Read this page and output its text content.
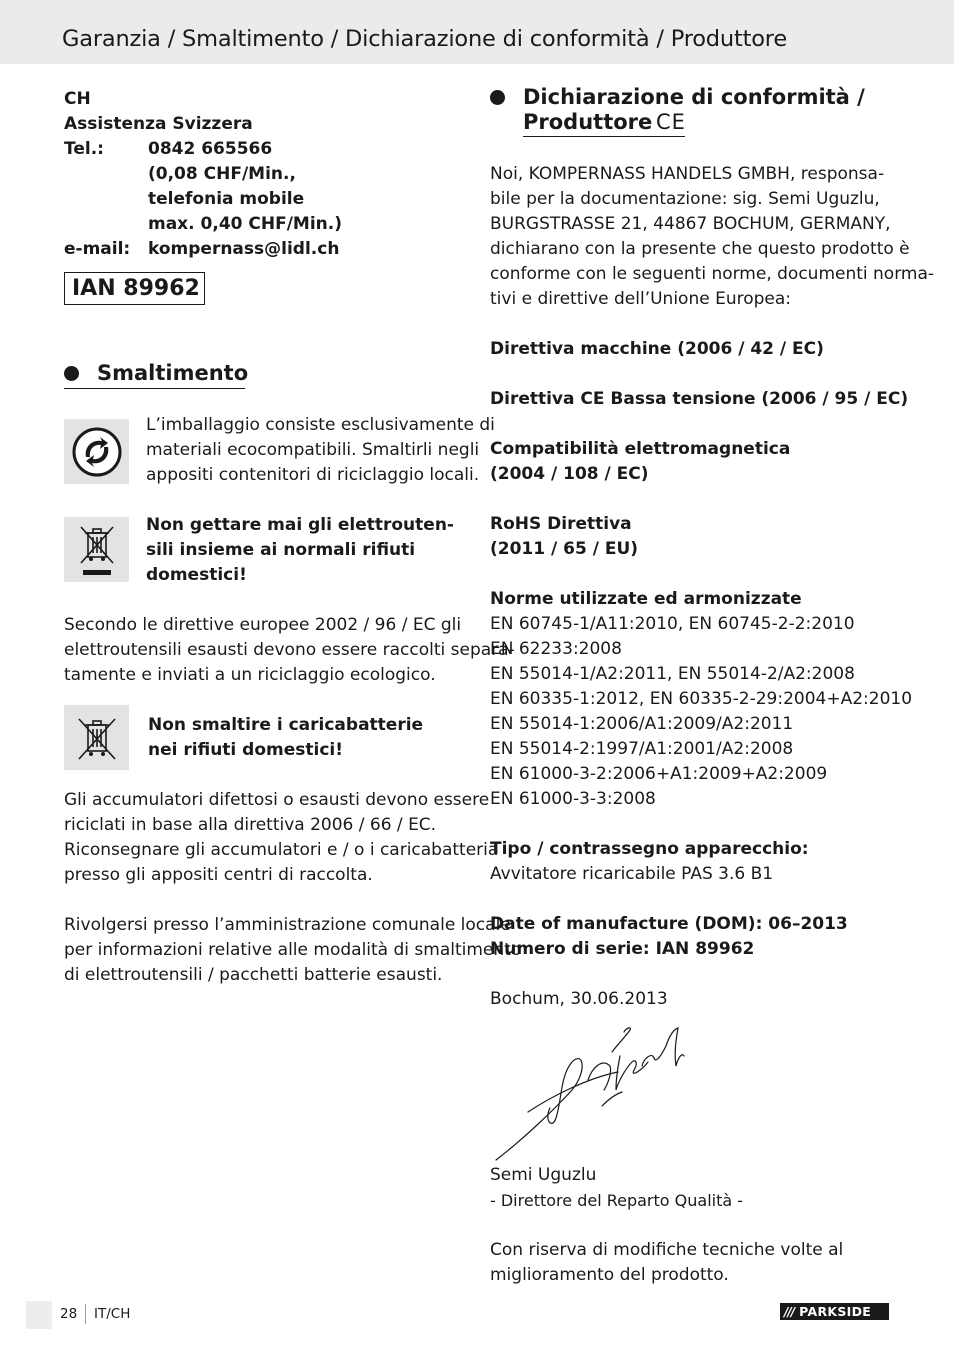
Garanzia / Smaltimento / Dichiarazione di conformità / Produttore
CH
Assistenza Svizzera
Tel.:	0842 665566
(0,08 CHF/Min.,
telefonia mobile
max. 0,40 CHF/Min.)
e-mail: kompernass@lidl.ch
IAN 89962
Smaltimento
L’imballaggio consiste esclusivamente di
materiali ecocompatibili. Smaltirli negli
appositi contenitori di riciclaggio locali.
Non gettare mai gli elettrouten-
sili insieme ai normali rifiuti
domestici!
Secondo le direttive europee 2002 / 96 / EC gli
elettroutensili esausti devono essere raccolti separa-
tamente e inviati a un riciclaggio ecologico.
Non smaltire i caricabatterie
nei rifiuti domestici!
Gli accumulatori difettosi o esausti devono essere
riciclati in base alla direttiva 2006 / 66 / EC.
Riconsegnare gli accumulatori e / o i caricabatteria
presso gli appositi centri di raccolta.
Rivolgersi presso l’amministrazione comunale locale
per informazioni relative alle modalità di smaltimento
di elettroutensili / pacchetti batterie esausti.
Dichiarazione di conformità /
Produttore CE
Noi, KOMPERNASS HANDELS GMBH, responsa-
bile per la documentazione: sig. Semi Uguzlu,
BURGSTRASSE 21, 44867 BOCHUM, GERMANY,
dichiarano con la presente che questo prodotto è
conforme con le seguenti norme, documenti norma-
tivi e direttive dell’Unione Europea:
Direttiva macchine (2006 / 42 / EC)
Direttiva CE Bassa tensione (2006 / 95 / EC)
Compatibilità elettromagnetica
(2004 / 108 / EC)
RoHS Direttiva
(2011 / 65 / EU)
Norme utilizzate ed armonizzate
EN 60745-1/A11:2010, EN 60745-2-2:2010
EN 62233:2008
EN 55014-1/A2:2011, EN 55014-2/A2:2008
EN 60335-1:2012, EN 60335-2-29:2004+A2:2010
EN 55014-1:2006/A1:2009/A2:2011
EN 55014-2:1997/A1:2001/A2:2008
EN 61000-3-2:2006+A1:2009+A2:2009
EN 61000-3-3:2008
Tipo / contrassegno apparecchio:
Avvitatore ricaricabile PAS 3.6 B1
Date of manufacture (DOM): 06–2013
Numero di serie: IAN 89962
Bochum, 30.06.2013
Semi Uguzlu
- Direttore del Reparto Qualità -
Con riserva di modifiche tecniche volte al
miglioramento del prodotto.
28 IT/CH	/// PARKSIDE
